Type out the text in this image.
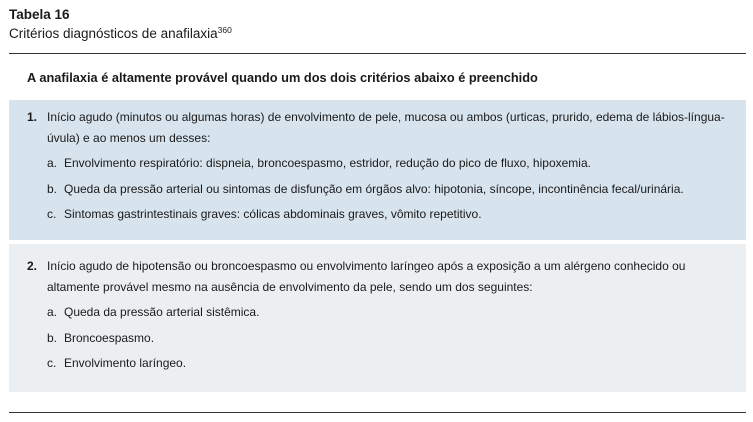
Tabela 16
Critérios diagnósticos de anafilaxia$^{360}$
A anafilaxia é altamente provável quando um dos dois critérios abaixo é preenchido
1. Início agudo (minutos ou algumas horas) de envolvimento de pele, mucosa ou ambos (urticas, prurido, edema de lábios-língua-úvula) e ao menos um desses:
a. Envolvimento respiratório: dispneia, broncoespasmo, estridor, redução do pico de fluxo, hipoxemia.
b. Queda da pressão arterial ou sintomas de disfunção em órgãos alvo: hipotonia, síncope, incontinência fecal/urinária.
c. Sintomas gastrintestinais graves: cólicas abdominais graves, vômito repetitivo.
2. Início agudo de hipotensão ou broncoespasmo ou envolvimento laríngeo após a exposição a um alérgeno conhecido ou altamente provável mesmo na ausência de envolvimento da pele, sendo um dos seguintes:
a. Queda da pressão arterial sistêmica.
b. Broncoespasmo.
c. Envolvimento laríngeo.
